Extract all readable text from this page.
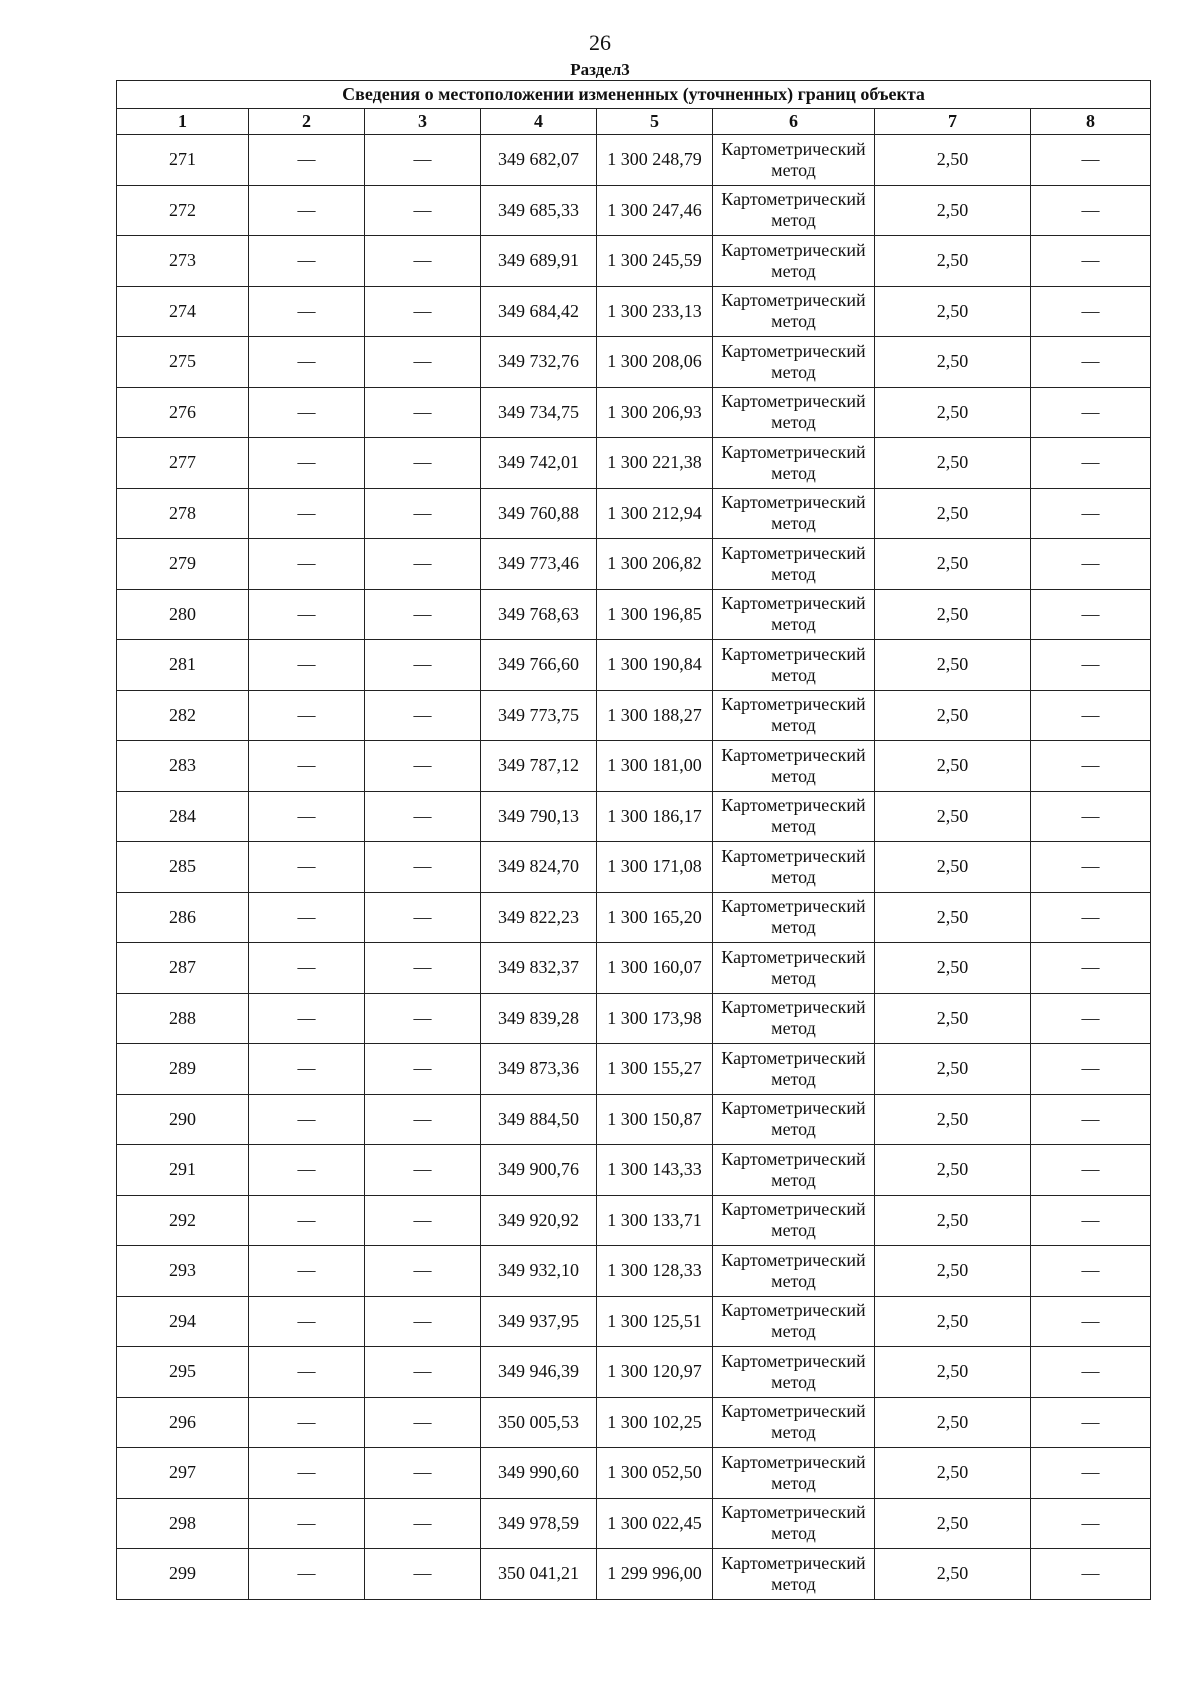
26
Раздел3
Сведения о местоположении измененных (уточненных) границ объекта							
1	2	3	4	5	6	7	8
271	—	—	349 682,07	1 300 248,79	Картометрический метод	2,50	—
272	—	—	349 685,33	1 300 247,46	Картометрический метод	2,50	—
273	—	—	349 689,91	1 300 245,59	Картометрический метод	2,50	—
274	—	—	349 684,42	1 300 233,13	Картометрический метод	2,50	—
275	—	—	349 732,76	1 300 208,06	Картометрический метод	2,50	—
276	—	—	349 734,75	1 300 206,93	Картометрический метод	2,50	—
277	—	—	349 742,01	1 300 221,38	Картометрический метод	2,50	—
278	—	—	349 760,88	1 300 212,94	Картометрический метод	2,50	—
279	—	—	349 773,46	1 300 206,82	Картометрический метод	2,50	—
280	—	—	349 768,63	1 300 196,85	Картометрический метод	2,50	—
281	—	—	349 766,60	1 300 190,84	Картометрический метод	2,50	—
282	—	—	349 773,75	1 300 188,27	Картометрический метод	2,50	—
283	—	—	349 787,12	1 300 181,00	Картометрический метод	2,50	—
284	—	—	349 790,13	1 300 186,17	Картометрический метод	2,50	—
285	—	—	349 824,70	1 300 171,08	Картометрический метод	2,50	—
286	—	—	349 822,23	1 300 165,20	Картометрический метод	2,50	—
287	—	—	349 832,37	1 300 160,07	Картометрический метод	2,50	—
288	—	—	349 839,28	1 300 173,98	Картометрический метод	2,50	—
289	—	—	349 873,36	1 300 155,27	Картометрический метод	2,50	—
290	—	—	349 884,50	1 300 150,87	Картометрический метод	2,50	—
291	—	—	349 900,76	1 300 143,33	Картометрический метод	2,50	—
292	—	—	349 920,92	1 300 133,71	Картометрический метод	2,50	—
293	—	—	349 932,10	1 300 128,33	Картометрический метод	2,50	—
294	—	—	349 937,95	1 300 125,51	Картометрический метод	2,50	—
295	—	—	349 946,39	1 300 120,97	Картометрический метод	2,50	—
296	—	—	350 005,53	1 300 102,25	Картометрический метод	2,50	—
297	—	—	349 990,60	1 300 052,50	Картометрический метод	2,50	—
298	—	—	349 978,59	1 300 022,45	Картометрический метод	2,50	—
299	—	—	350 041,21	1 299 996,00	Картометрический метод	2,50	—
